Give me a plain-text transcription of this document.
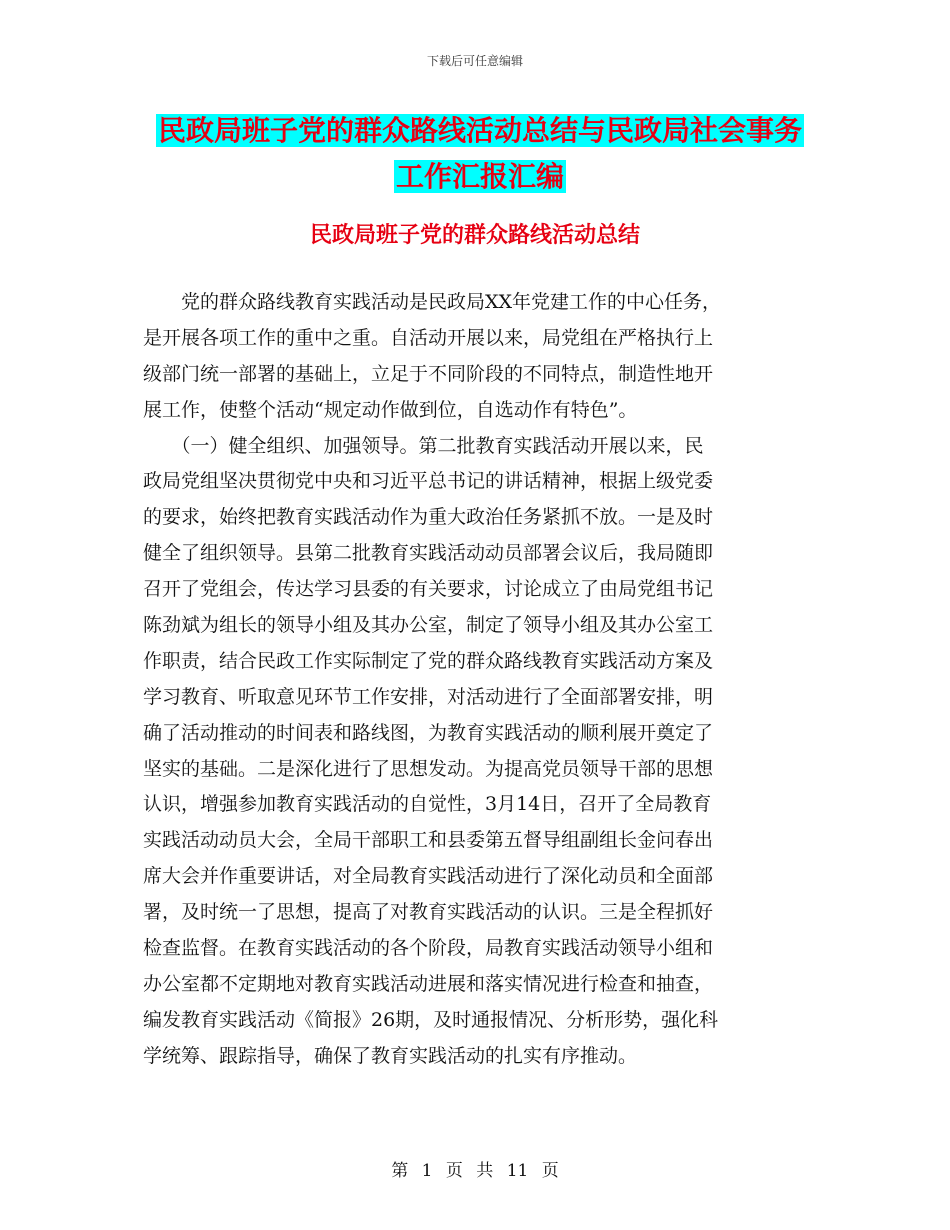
下载后可任意编辑
民政局班子党的群众路线活动总结与民政局社会事务
工作汇报汇编
民政局班子党的群众路线活动总结
　　党的群众路线教育实践活动是民政局XX年党建工作的中心任务，
是开展各项工作的重中之重。自活动开展以来，局党组在严格执行上
级部门统一部署的基础上，立足于不同阶段的不同特点，制造性地开
展工作，使整个活动“规定动作做到位，自选动作有特色”。
　　（一）健全组织、加强领导。第二批教育实践活动开展以来，民
政局党组坚决贯彻党中央和习近平总书记的讲话精神，根据上级党委
的要求，始终把教育实践活动作为重大政治任务紧抓不放。一是及时
健全了组织领导。县第二批教育实践活动动员部署会议后，我局随即
召开了党组会，传达学习县委的有关要求，讨论成立了由局党组书记
陈劲斌为组长的领导小组及其办公室，制定了领导小组及其办公室工
作职责，结合民政工作实际制定了党的群众路线教育实践活动方案及
学习教育、听取意见环节工作安排，对活动进行了全面部署安排，明
确了活动推动的时间表和路线图，为教育实践活动的顺利展开奠定了
坚实的基础。二是深化进行了思想发动。为提高党员领导干部的思想
认识，增强参加教育实践活动的自觉性，3月14日，召开了全局教育
实践活动动员大会，全局干部职工和县委第五督导组副组长金问春出
席大会并作重要讲话，对全局教育实践活动进行了深化动员和全面部
署，及时统一了思想，提高了对教育实践活动的认识。三是全程抓好
检查监督。在教育实践活动的各个阶段，局教育实践活动领导小组和
办公室都不定期地对教育实践活动进展和落实情况进行检查和抽查，
编发教育实践活动《简报》26期，及时通报情况、分析形势，强化科
学统筹、跟踪指导，确保了教育实践活动的扎实有序推动。
第 1 页 共 11 页
